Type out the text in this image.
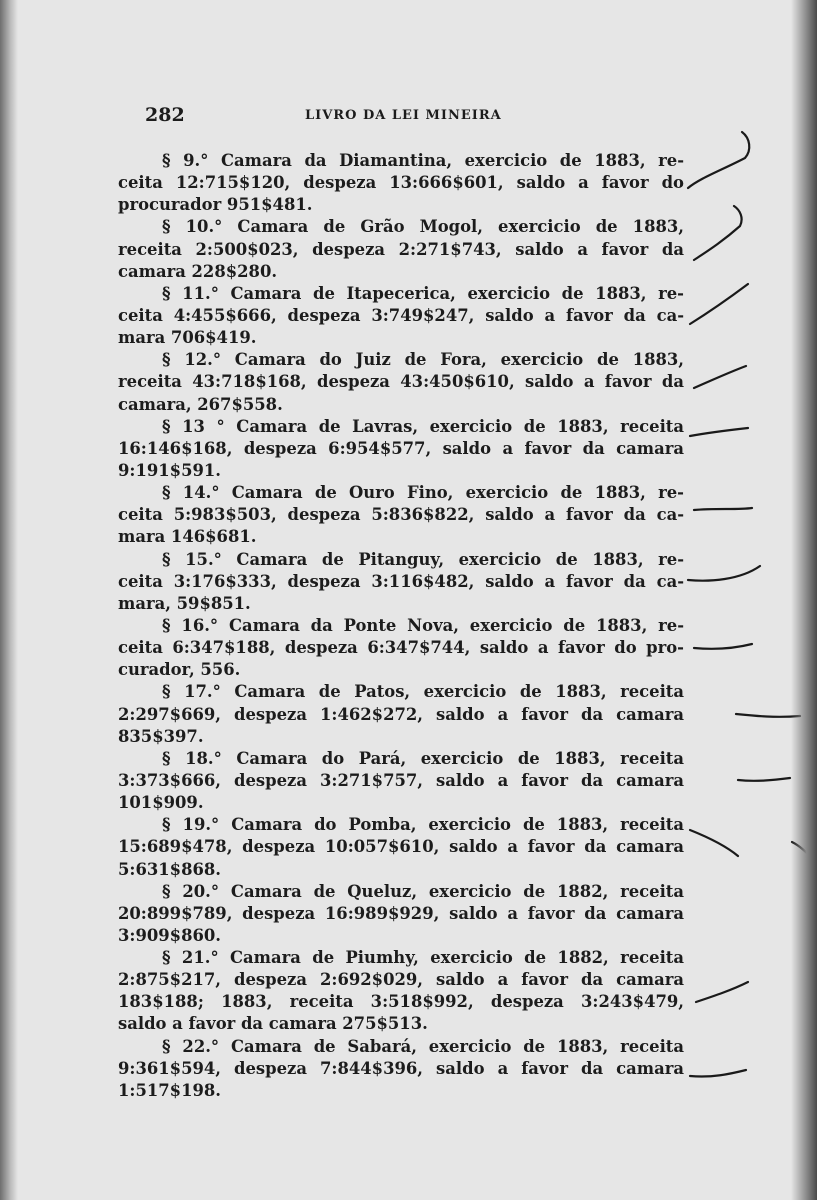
282	LIVRO DA LEI MINEIRA
§ 9.° Camara da Diamantina, exercicio de 1883, re-
ceita 12:715$120, despeza 13:666$601, saldo a favor do
procurador 951$481.
§ 10.° Camara de Grão Mogol, exercicio de 1883,
receita 2:500$023, despeza 2:271$743, saldo a favor da
camara 228$280.
§ 11.° Camara de Itapecerica, exercicio de 1883, re-
ceita 4:455$666, despeza 3:749$247, saldo a favor da ca-
mara 706$419.
§ 12.° Camara do Juiz de Fora, exercicio de 1883,
receita 43:718$168, despeza 43:450$610, saldo a favor da
camara, 267$558.
§ 13 ° Camara de Lavras, exercicio de 1883, receita
16:146$168, despeza 6:954$577, saldo a favor da camara
9:191$591.
§ 14.° Camara de Ouro Fino, exercicio de 1883, re-
ceita 5:983$503, despeza 5:836$822, saldo a favor da ca-
mara 146$681.
§ 15.° Camara de Pitanguy, exercicio de 1883, re-
ceita 3:176$333, despeza 3:116$482, saldo a favor da ca-
mara, 59$851.
§ 16.° Camara da Ponte Nova, exercicio de 1883, re-
ceita 6:347$188, despeza 6:347$744, saldo a favor do pro-
curador, 556.
§ 17.° Camara de Patos, exercicio de 1883, receita
2:297$669, despeza 1:462$272, saldo a favor da camara
835$397.
§ 18.° Camara do Pará, exercicio de 1883, receita
3:373$666, despeza 3:271$757, saldo a favor da camara
101$909.
§ 19.° Camara do Pomba, exercicio de 1883, receita
15:689$478, despeza 10:057$610, saldo a favor da camara
5:631$868.
§ 20.° Camara de Queluz, exercicio de 1882, receita
20:899$789, despeza 16:989$929, saldo a favor da camara
3:909$860.
§ 21.° Camara de Piumhy, exercicio de 1882, receita
2:875$217, despeza 2:692$029, saldo a favor da camara
183$188; 1883, receita 3:518$992, despeza 3:243$479,
saldo a favor da camara 275$513.
§ 22.° Camara de Sabará, exercicio de 1883, receita
9:361$594, despeza 7:844$396, saldo a favor da camara
1:517$198.
